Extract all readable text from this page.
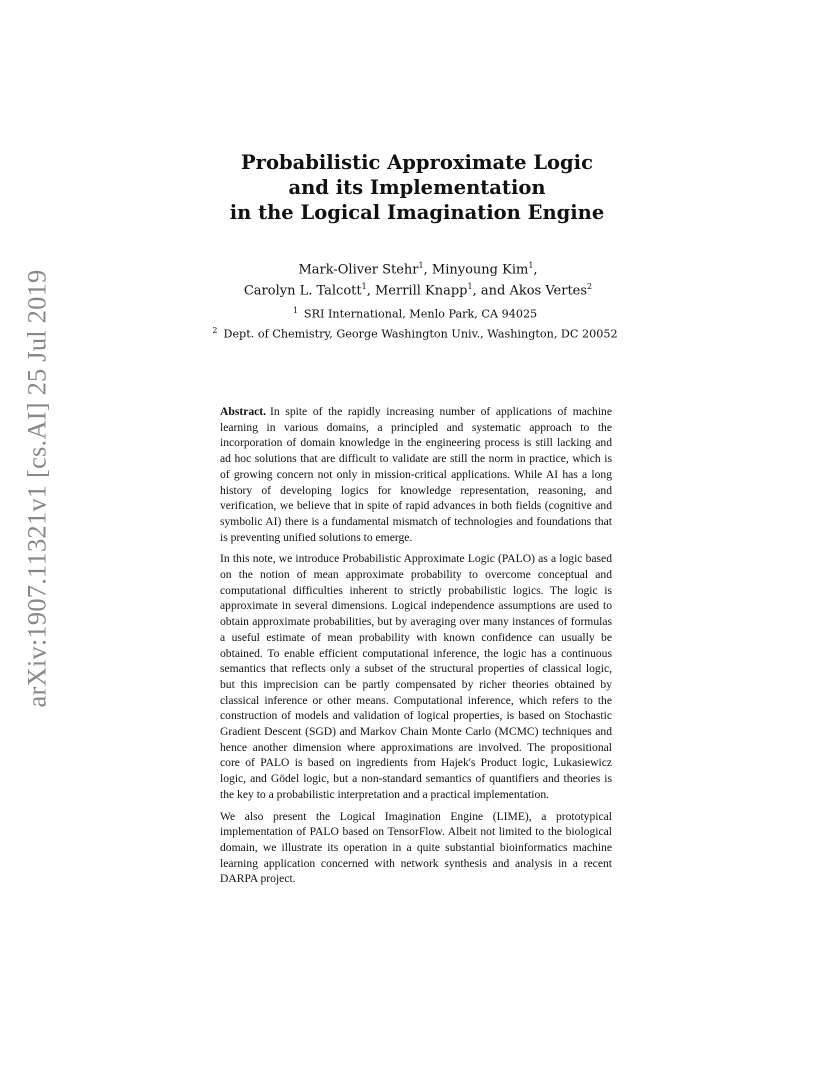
arXiv:1907.11321v1 [cs.AI] 25 Jul 2019
Probabilistic Approximate Logic
and its Implementation
in the Logical Imagination Engine
Mark-Oliver Stehr$^1$, Minyoung Kim$^1$,
Carolyn L. Talcott$^1$, Merrill Knapp$^1$, and Akos Vertes$^2$
$^1$ SRI International, Menlo Park, CA 94025
$^2$ Dept. of Chemistry, George Washington Univ., Washington, DC 20052

Abstract. In spite of the rapidly increasing number of applications of machine learning in various domains, a principled and systematic approach to the incorporation of domain knowledge in the engineering process is still lacking and ad hoc solutions that are difficult to validate are still the norm in practice, which is of growing concern not only in mission-critical applications. While AI has a long history of developing logics for knowledge representation, reasoning, and verification, we believe that in spite of rapid advances in both fields (cognitive and symbolic AI) there is a fundamental mismatch of technologies and foundations that is preventing unified solutions to emerge.

In this note, we introduce Probabilistic Approximate Logic (PALO) as a logic based on the notion of mean approximate probability to overcome conceptual and computational difficulties inherent to strictly probabilistic logics. The logic is approximate in several dimensions. Logical independence assumptions are used to obtain approximate probabilities, but by averaging over many instances of formulas a useful estimate of mean probability with known confidence can usually be obtained. To enable efficient computational inference, the logic has a continuous semantics that reflects only a subset of the structural properties of classical logic, but this imprecision can be partly compensated by richer theories obtained by classical inference or other means. Computational inference, which refers to the construction of models and validation of logical properties, is based on Stochastic Gradient Descent (SGD) and Markov Chain Monte Carlo (MCMC) techniques and hence another dimension where approximations are involved. The propositional core of PALO is based on ingredients from Hajek's Product logic, Lukasiewicz logic, and Gödel logic, but a non-standard semantics of quantifiers and theories is the key to a probabilistic interpretation and a practical implementation.

We also present the Logical Imagination Engine (LIME), a prototypical implementation of PALO based on TensorFlow. Albeit not limited to the biological domain, we illustrate its operation in a quite substantial bioinformatics machine learning application concerned with network synthesis and analysis in a recent DARPA project.
